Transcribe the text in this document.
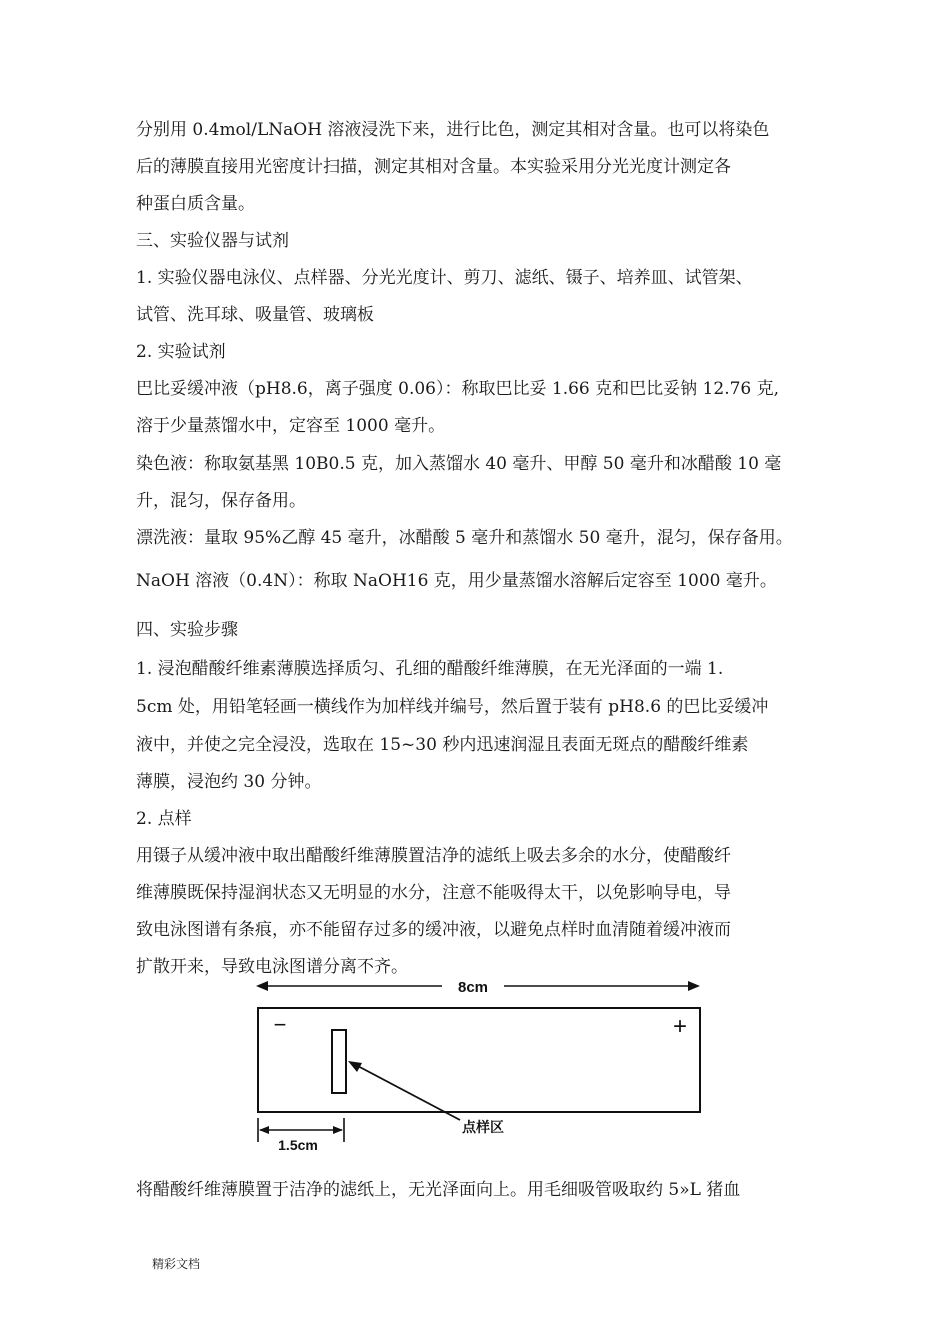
分别用 0.4mol/LNaOH 溶液浸洗下来，进行比色，测定其相对含量。也可以将染色
后的薄膜直接用光密度计扫描，测定其相对含量。本实验采用分光光度计测定各
种蛋白质含量。
三、实验仪器与试剂
1. 实验仪器电泳仪、点样器、分光光度计、剪刀、滤纸、镊子、培养皿、试管架、
试管、洗耳球、吸量管、玻璃板
2. 实验试剂
巴比妥缓冲液（pH8.6，离子强度 0.06）：称取巴比妥 1.66 克和巴比妥钠 12.76 克,
溶于少量蒸馏水中，定容至 1000 毫升。
染色液：称取氨基黑 10B0.5 克，加入蒸馏水 40 毫升、甲醇 50 毫升和冰醋酸 10 毫
升，混匀，保存备用。
漂洗液：量取 95%乙醇 45 毫升，冰醋酸 5 毫升和蒸馏水 50 毫升，混匀，保存备用。
NaOH 溶液（0.4N）：称取 NaOH16 克，用少量蒸馏水溶解后定容至 1000 毫升。
四、实验步骤
1. 浸泡醋酸纤维素薄膜选择质匀、孔细的醋酸纤维薄膜，在无光泽面的一端 1.
5cm 处，用铅笔轻画一横线作为加样线并编号，然后置于装有 pH8.6 的巴比妥缓冲
液中，并使之完全浸没，选取在 15~30 秒内迅速润湿且表面无斑点的醋酸纤维素
薄膜，浸泡约 30 分钟。
2. 点样
用镊子从缓冲液中取出醋酸纤维薄膜置洁净的滤纸上吸去多余的水分，使醋酸纤
维薄膜既保持湿润状态又无明显的水分，注意不能吸得太干，以免影响导电，导
致电泳图谱有条痕，亦不能留存过多的缓冲液，以避免点样时血清随着缓冲液而
扩散开来，导致电泳图谱分离不齐。
将醋酸纤维薄膜置于洁净的滤纸上，无光泽面向上。用毛细吸管吸取约 5»L 猪血
8cm
−	+
点样区
1.5cm
精彩文档
